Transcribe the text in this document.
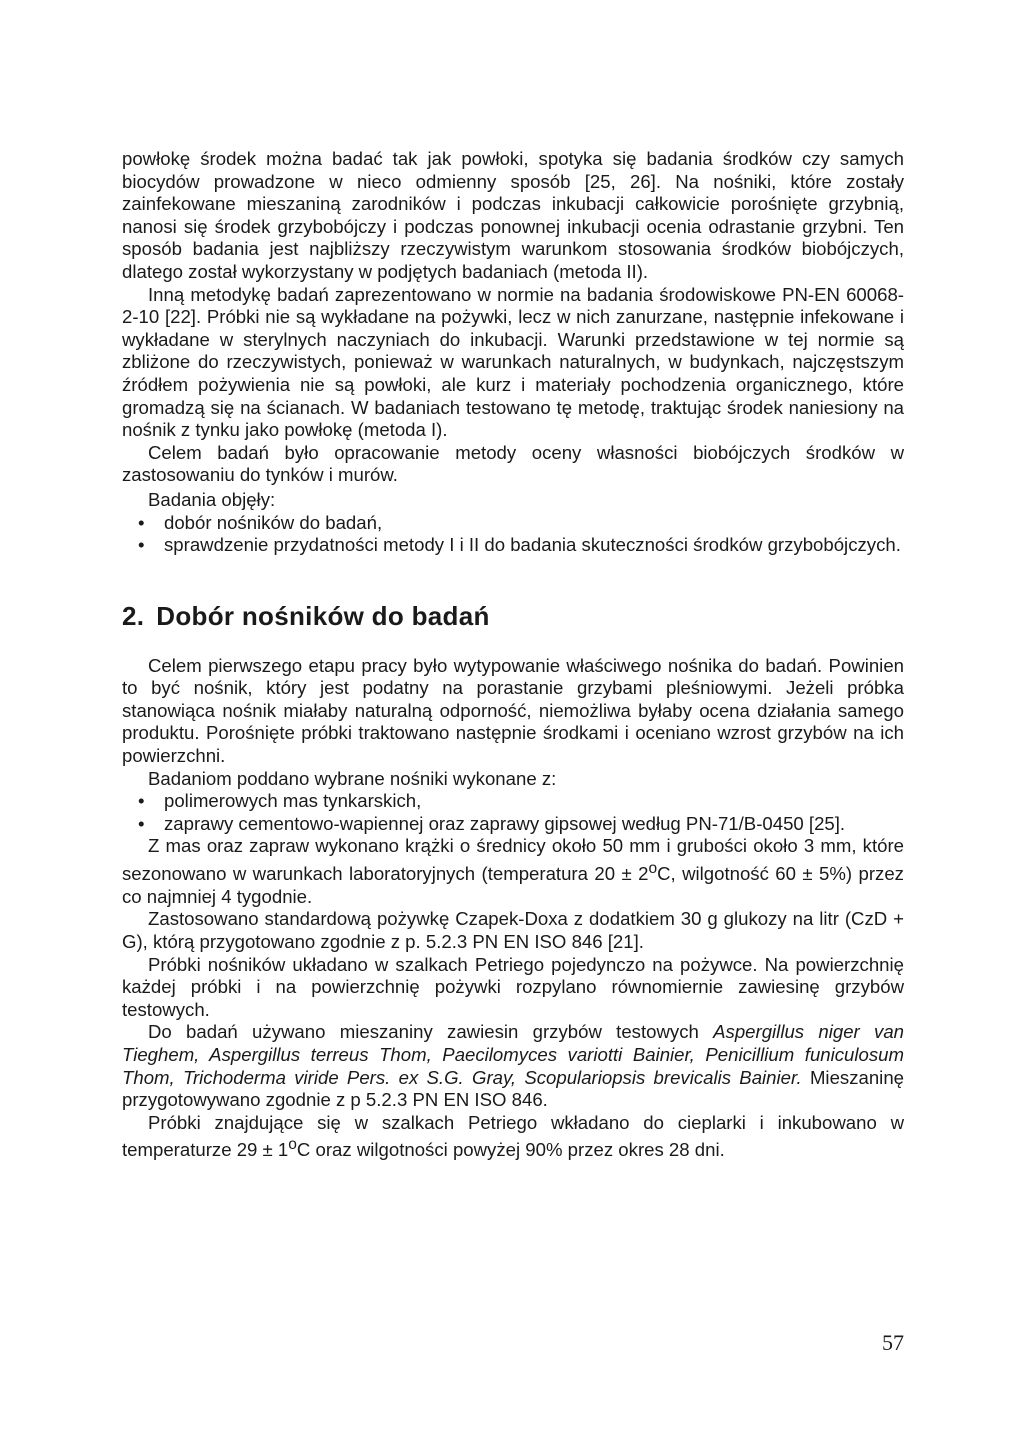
powłokę środek można badać tak jak powłoki, spotyka się badania środków czy samych biocydów prowadzone w nieco odmienny sposób [25, 26]. Na nośniki, które zostały zainfekowane mieszaniną zarodników i podczas inkubacji całkowicie porośnięte grzybnią, nanosi się środek grzybobójczy i podczas ponownej inkubacji ocenia odrastanie grzybni. Ten sposób badania jest najbliższy rzeczywistym warunkom stosowania środków biobójczych, dlatego został wykorzystany w podjętych badaniach (metoda II).

Inną metodykę badań zaprezentowano w normie na badania środowiskowe PN-EN 60068-2-10 [22]. Próbki nie są wykładane na pożywki, lecz w nich zanurzane, następnie infekowane i wykładane w sterylnych naczyniach do inkubacji. Warunki przedstawione w tej normie są zbliżone do rzeczywistych, ponieważ w warunkach naturalnych, w budynkach, najczęstszym źródłem pożywienia nie są powłoki, ale kurz i materiały pochodzenia organicznego, które gromadzą się na ścianach. W badaniach testowano tę metodę, traktując środek naniesiony na nośnik z tynku jako powłokę (metoda I).

Celem badań było opracowanie metody oceny własności biobójczych środków w zastosowaniu do tynków i murów.

Badania objęły:

• dobór nośników do badań,
• sprawdzenie przydatności metody I i II do badania skuteczności środków grzybobójczych.
2. Dobór nośników do badań

Celem pierwszego etapu pracy było wytypowanie właściwego nośnika do badań. Powinien to być nośnik, który jest podatny na porastanie grzybami pleśniowymi. Jeżeli próbka stanowiąca nośnik miałaby naturalną odporność, niemożliwa byłaby ocena działania samego produktu. Porośnięte próbki traktowano następnie środkami i oceniano wzrost grzybów na ich powierzchni.

Badaniom poddano wybrane nośniki wykonane z:

• polimerowych mas tynkarskich,
• zaprawy cementowo-wapiennej oraz zaprawy gipsowej według PN-71/B-0450 [25].

Z mas oraz zapraw wykonano krążki o średnicy około 50 mm i grubości około 3 mm, które sezonowano w warunkach laboratoryjnych (temperatura $20 \pm 2^oC$, wilgotność 60 ± 5%) przez co najmniej 4 tygodnie.

Zastosowano standardową pożywkę Czapek-Doxa z dodatkiem 30 g glukozy na litr (CzD + G), którą przygotowano zgodnie z p. 5.2.3 PN EN ISO 846 [21].

Próbki nośników układano w szalkach Petriego pojedynczo na pożywce. Na powierzchnię każdej próbki i na powierzchnię pożywki rozpylano równomiernie zawiesinę grzybów testowych.

Do badań używano mieszaniny zawiesin grzybów testowych Aspergillus niger van Tieghem, Aspergillus terreus Thom, Paecilomyces variotti Bainier, Penicillium funiculosum Thom, Trichoderma viride Pers. ex S.G. Gray, Scopulariopsis brevicalis Bainier. Mieszaninę przygotowywano zgodnie z p 5.2.3 PN EN ISO 846.

Próbki znajdujące się w szalkach Petriego wkładano do cieplarki i inkubowano w temperaturze $29 \pm 1^oC$ oraz wilgotności powyżej 90% przez okres 28 dni.

57
